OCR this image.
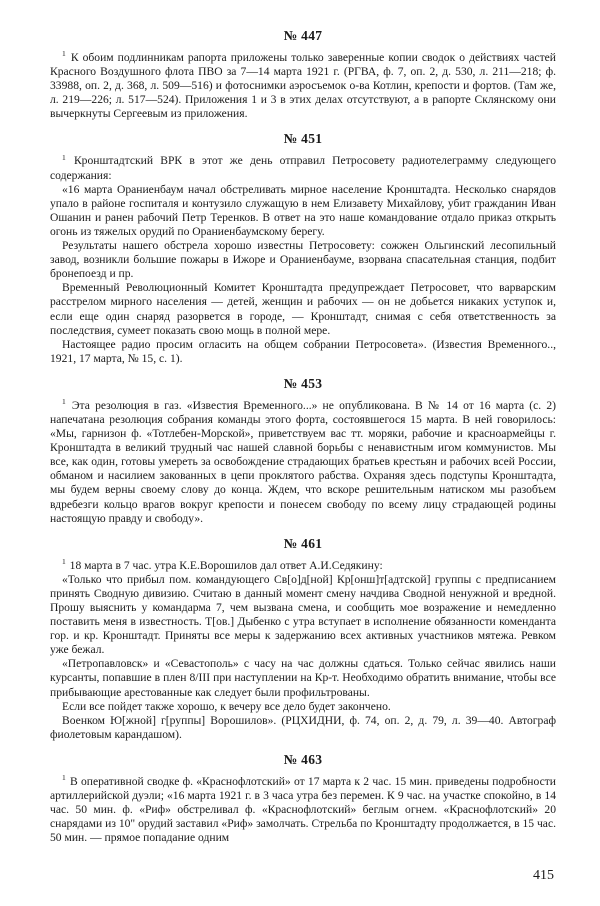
№ 447

$^1$ К обоим подлинникам рапорта приложены только заверенные копии сводок о действиях частей Красного Воздушного флота ПВО за 7—14 марта 1921 г. (РГВА, ф. 7, оп. 2, д. 530, л. 211—218; ф. 33988, оп. 2, д. 368, л. 509—516) и фотоснимки аэросъемок о-ва Котлин, крепости и фортов. (Там же, л. 219—226; л. 517—524). Приложения 1 и 3 в этих делах отсутствуют, а в рапорте Склянскому они вычеркнуты Сергеевым из приложения.

№ 451

$^1$ Кронштадтский ВРК в этот же день отправил Петросовету радиотелеграмму следующего содержания:

«16 марта Ораниенбаум начал обстреливать мирное население Кронштадта. Несколько снарядов упало в районе госпиталя и контузило служащую в нем Елизавету Михайлову, убит гражданин Иван Ошанин и ранен рабочий Петр Теренков. В ответ на это наше командование отдало приказ открыть огонь из тяжелых орудий по Ораниенбаумскому берегу.

Результаты нашего обстрела хорошо известны Петросовету: сожжен Ольгинский лесопильный завод, возникли большие пожары в Ижоре и Ораниенбауме, взорвана спасательная станция, подбит бронепоезд и пр.

Временный Революционный Комитет Кронштадта предупреждает Петросовет, что варварским расстрелом мирного населения — детей, женщин и рабочих — он не добьется никаких уступок и, если еще один снаряд разорвется в городе, — Кронштадт, снимая с себя ответственность за последствия, сумеет показать свою мощь в полной мере.

Настоящее радио просим огласить на общем собрании Петросовета». (Известия Временного.., 1921, 17 марта, № 15, с. 1).

№ 453

$^1$ Эта резолюция в газ. «Известия Временного...» не опубликована. В № 14 от 16 марта (с. 2) напечатана резолюция собрания команды этого форта, состоявшегося 15 марта. В ней говорилось: «Мы, гарнизон ф. «Тотлебен-Морской», приветствуем вас тт. моряки, рабочие и красноармейцы г. Кронштадта в великий трудный час нашей славной борьбы с ненавистным игом коммунистов. Мы все, как один, готовы умереть за освобождение страдающих братьев крестьян и рабочих всей России, обманом и насилием закованных в цепи проклятого рабства. Охраняя здесь подступы Кронштадта, мы будем верны своему слову до конца. Ждем, что вскоре решительным натиском мы разобъем вдребезги кольцо врагов вокруг крепости и понесем свободу по всему лицу страдающей родины настоящую правду и свободу».

№ 461

$^1$ 18 марта в 7 час. утра К.Е.Ворошилов дал ответ А.И.Седякину:

«Только что прибыл пом. командующего Св[о]д[ной] Кр[онш]т[адтской] группы с предписанием принять Сводную дивизию. Считаю в данный момент смену начдива Сводной ненужной и вредной. Прошу выяснить у командарма 7, чем вызвана смена, и сообщить мое возражение и немедленно поставить меня в известность. Т[ов.] Дыбенко с утра вступает в исполнение обязанности коменданта гор. и кр. Кронштадт. Приняты все меры к задержанию всех активных участников мятежа. Ревком уже бежал.

«Петропавловск» и «Севастополь» с часу на час должны сдаться. Только сейчас явились наши курсанты, попавшие в плен 8/III при наступлении на Кр-т. Необходимо обратить внимание, чтобы все прибывающие арестованные как следует были профильтрованы.

Если все пойдет также хорошо, к вечеру все дело будет закончено.

Военком Ю[жной] г[руппы] Ворошилов». (РЦХИДНИ, ф. 74, оп. 2, д. 79, л. 39—40. Автограф фиолетовым карандашом).

№ 463

$^1$ В оперативной сводке ф. «Краснофлотский» от 17 марта к 2 час. 15 мин. приведены подробности артиллерийской дуэли; «16 марта 1921 г. в 3 часа утра без перемен. К 9 час. на участке спокойно, в 14 час. 50 мин. ф. «Риф» обстреливал ф. «Краснофлотский» беглым огнем. «Краснофлотский» 20 снарядами из 10" орудий заставил «Риф» замолчать. Стрельба по Кронштадту продолжается, в 15 час. 50 мин. — прямое попадание одним

415
